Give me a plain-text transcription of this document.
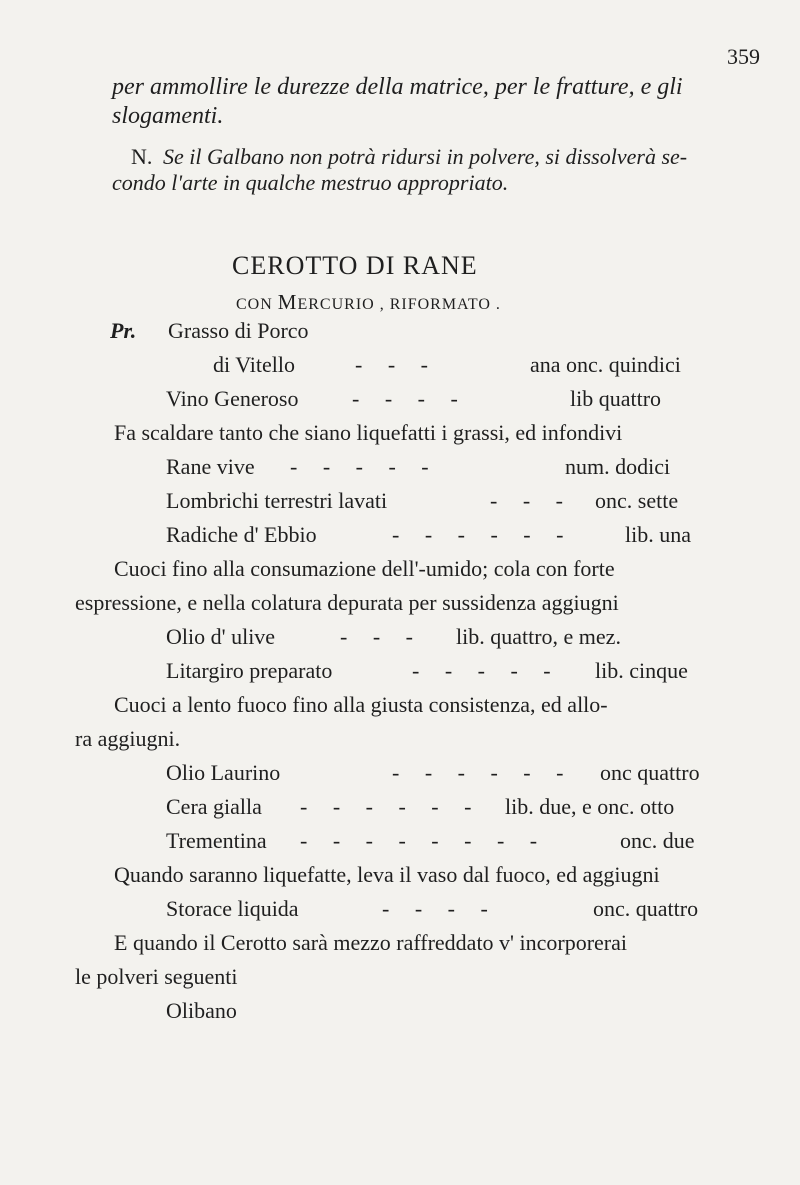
359
per ammollire le durezze della matrice, per le fratture, e gli
slogamenti.
N. Se il Galbano non potrà ridursi in polvere, si dissolverà se-
condo l'arte in qualche mestruo appropriato.
CEROTTO DI RANE
CON MERCURIO , RIFORMATO .
Pr. Grasso di Porco
di Vitello	- - -	ana onc. quindici
Vino Generoso - - - -	lib quattro
Fa scaldare tanto che siano liquefatti i grassi, ed infondivi
Rane vive - - - - -	num. dodici
Lombrichi terrestri lavati	- - - onc. sette
Radiche d' Ebbio	- - - - - - lib. una
Cuoci fino alla consumazione dell'-umido; cola con forte
espressione, e nella colatura depurata per sussidenza aggiugni
Olio d' ulive	- - - lib. quattro, e mez.
Litargiro preparato	- - - - - lib. cinque
Cuoci a lento fuoco fino alla giusta consistenza, ed allo-
ra aggiugni.
Olio Laurino	- - - - - - onc quattro
Cera gialla - - - - - - lib. due, e onc. otto
Trementina - - - - - - - -	onc. due
Quando saranno liquefatte, leva il vaso dal fuoco, ed aggiugni
Storace liquida	- - - -	onc. quattro
E quando il Cerotto sarà mezzo raffreddato v' incorporerai
le polveri seguenti
Olibano
